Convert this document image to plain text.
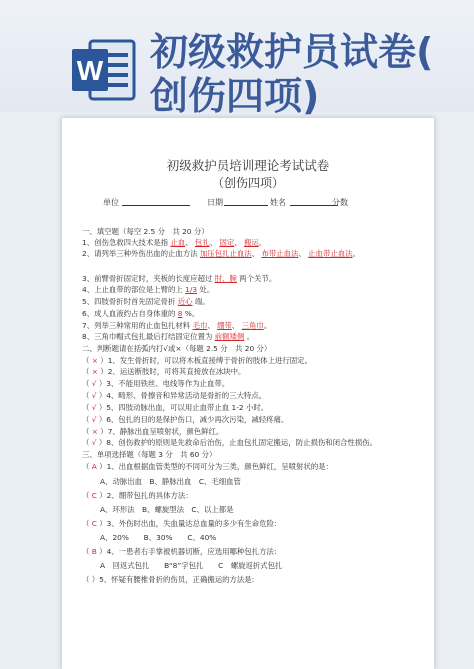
W 初级救护员试卷(
创伤四项)
初级救护员培训理论考试试卷
（创伤四项）
单位	日期	姓名	分数
一、填空题（每空 2.5 分　共 20 分）
1、创伤急救四大技术是指 止血、 包扎、 固定、 搬运。
2、请列举三种外伤出血的止血方法 加压包扎止血法、 布带止血法、 止血带止血法。
3、前臂骨折固定时，夹板的长度应超过 肘、腕 两个关节。
4、上止血带的部位是上臂的上 1/3 处。
5、四肢骨折时首先固定骨折 近心 端。
6、成人血液约占自身体重的 8 %。
7、列举三种常用的止血包扎材料 毛巾、 绷带、 三角巾。
8、三角巾帽式包扎最后打结固定位置为 前额矮侧 。
二、判断题请在括弧内打√或×（每题 2.5 分　共 20 分）
（ × ）1、发生骨折时，可以将木板直接缚于骨折的肢体上进行固定。
（ × ）2、运送断肢时，可将其直接放在冰块中。
（ √ ）3、不能用铁丝、电线等作为止血带。
（ √ ）4、畸形、骨擦音和异常活动是骨折的三大特点。
（ √ ）5、四肢动脉出血，可以用止血带止血 1-2 小时。
（ √ ）6、包扎的目的是保护伤口，减少再次污染，减轻疼痛。
（ × ）7、静脉出血呈喷射状，颜色鲜红。
（ √ ）8、创伤救护的原则是先救命后治伤，止血包扎固定搬运，防止损伤和闭合性损伤。
三、单项选择题（每题 3 分　共 60 分）
（ A ）1、出血根据血管类型的不同可分为三类，颜色鲜红，呈喷射状的是：
A、动脉出血　B、静脉出血　C、毛细血管
（ C ）2、绷带包扎的具体方法：
A、环形法　B、螺旋型法　C、以上都是
（ C ）3、外伤时出血，失血量达总血量的多少有生命危险:
A、20%　　B、30%　　C、40%
（ B ）4、一患者右手掌被机器切断，应选用哪种包扎方法：
A　回返式包扎　　B“8”字包扎　　C　螺旋返折式包扎
（ ）5、怀疑有腰椎骨折的伤员，正确搬运的方法是:
